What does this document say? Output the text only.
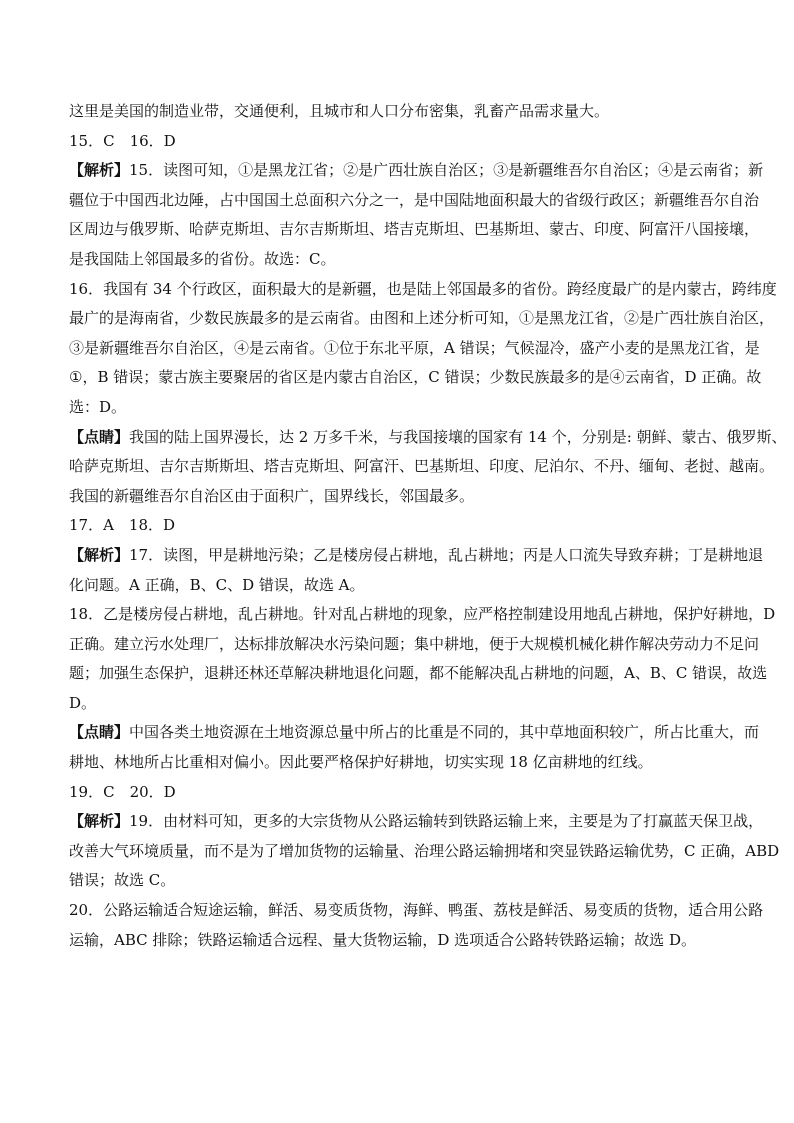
这里是美国的制造业带，交通便利，且城市和人口分布密集，乳畜产品需求量大。
15．C　16．D
【解析】15．读图可知，①是黑龙江省；②是广西壮族自治区；③是新疆维吾尔自治区；④是云南省；新
疆位于中国西北边陲，占中国国土总面积六分之一，是中国陆地面积最大的省级行政区；新疆维吾尔自治
区周边与俄罗斯、哈萨克斯坦、吉尔吉斯斯坦、塔吉克斯坦、巴基斯坦、蒙古、印度、阿富汗八国接壤，
是我国陆上邻国最多的省份。故选：C。
16．我国有 34 个行政区，面积最大的是新疆，也是陆上邻国最多的省份。跨经度最广的是内蒙古，跨纬度
最广的是海南省，少数民族最多的是云南省。由图和上述分析可知，①是黑龙江省，②是广西壮族自治区，
③是新疆维吾尔自治区，④是云南省。①位于东北平原，A 错误；气候湿冷，盛产小麦的是黑龙江省，是
①，B 错误；蒙古族主要聚居的省区是内蒙古自治区，C 错误；少数民族最多的是④云南省，D 正确。故
选：D。
【点睛】我国的陆上国界漫长，达 2 万多千米，与我国接壤的国家有 14 个，分别是: 朝鲜、蒙古、俄罗斯、
哈萨克斯坦、吉尔吉斯斯坦、塔吉克斯坦、阿富汗、巴基斯坦、印度、尼泊尔、不丹、缅甸、老挝、越南。
我国的新疆维吾尔自治区由于面积广，国界线长，邻国最多。
17．A　18．D
【解析】17．读图，甲是耕地污染；乙是楼房侵占耕地，乱占耕地；丙是人口流失导致弃耕；丁是耕地退
化问题。A 正确，B、C、D 错误，故选 A。
18．乙是楼房侵占耕地，乱占耕地。针对乱占耕地的现象，应严格控制建设用地乱占耕地，保护好耕地，D
正确。建立污水处理厂，达标排放解决水污染问题；集中耕地，便于大规模机械化耕作解决劳动力不足问
题；加强生态保护，退耕还林还草解决耕地退化问题，都不能解决乱占耕地的问题，A、B、C 错误，故选
D。
【点睛】中国各类土地资源在土地资源总量中所占的比重是不同的，其中草地面积较广，所占比重大，而
耕地、林地所占比重相对偏小。因此要严格保护好耕地，切实实现 18 亿亩耕地的红线。
19．C　20．D
【解析】19．由材料可知，更多的大宗货物从公路运输转到铁路运输上来，主要是为了打赢蓝天保卫战，
改善大气环境质量，而不是为了增加货物的运输量、治理公路运输拥堵和突显铁路运输优势，C 正确，ABD
错误；故选 C。
20．公路运输适合短途运输，鲜活、易变质货物，海鲜、鸭蛋、荔枝是鲜活、易变质的货物，适合用公路
运输，ABC 排除；铁路运输适合远程、量大货物运输，D 选项适合公路转铁路运输；故选 D。
